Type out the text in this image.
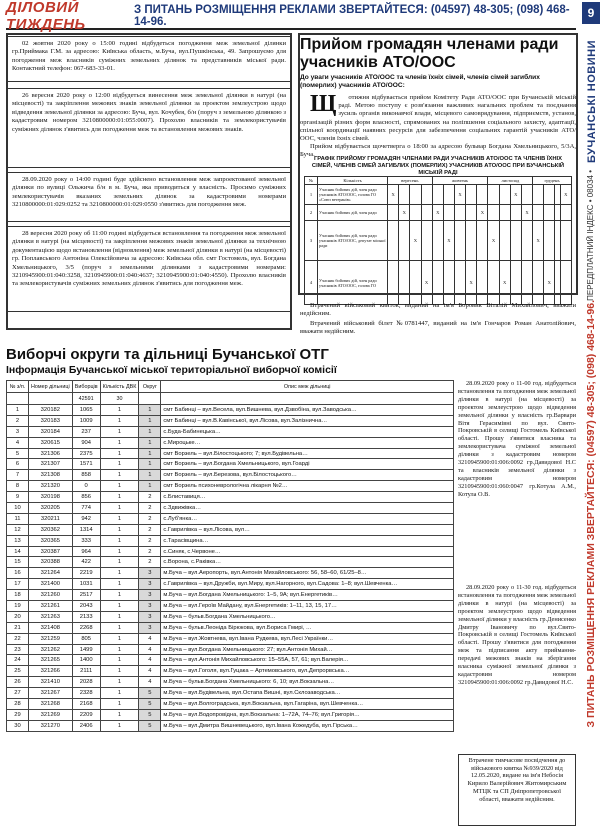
ДІЛОВИЙ ТИЖДЕНЬ
З ПИТАНЬ РОЗМІЩЕННЯ РЕКЛАМИ ЗВЕРТАЙТЕСЯ: (04597) 48-305; (098) 468-14-96.
9
БУЧАНСЬКІ НОВИНИ
ПЕРЕДПЛАТНИЙ ІНДЕКС • 08034 •
З ПИТАНЬ РОЗМІЩЕННЯ РЕКЛАМИ ЗВЕРТАЙТЕСЯ: (04597) 48-305; (098) 468-14-96.
02 жовтня 2020 року о 15:00 годині відбудеться погодження меж земельної ділянки гр.Приймака Г.М. за адресою: Київська область, м.Буча, вул.Пушкінська, 49. Запрошуємо для погодження меж власників суміжних земельних ділянок та представників міської ради. Контактний телефон: 067-683-33-01.
26 вересня 2020 року о 12:00 відбудеться винесення меж земельної ділянки в натурі (на місцевості) та закріплення межових знаків земельної ділянки за проектом землеустрою щодо відведення земельної ділянки за адресою: Буча, вул. Кочубея, б/н (поруч з земельною ділянкою з кадастровим номером 3210800000:01:055:0007). Прохолю власників та землекористувачів суміжних ділянок з'явитись для погодження меж та встановлення межових знаків.
28.09.2020 року о 14:00 годині буде здійснено встановлення меж запроектованої земельної ділянки по вулиці Ольжича б/н в м. Буча, яка приводиться у власність. Просимо суміжних землекористувачів вказаних земельних ділянок за кадастровими номерами 3210800000:01:029:0252 та 3210800000:01:029:0550 з'явитись для погодження меж.
28 вересня 2020 року об 11:00 годині відбудеться встановлення та погодження меж земельної ділянки в натурі (на місцевості) та закріплення межових знаків земельної ділянки за технічною документацією щодо встановлення (відновлення) меж земельної ділянки в натурі (на місцевості) гр. Поплавського Антоніна Олексійовича за адресою: Київська обл. смт Гостомель, вул. Богдана Хмельницького, 3/5 (поруч з земельними ділянками з кадастровими номерами: 3210945900:01:040:3258, 3210945900:01:040:4637; 3210945900:01:040:4550). Прохолю власників та землекористувачів суміжних земельних ділянок з'явитись для погодження меж.
Прийом громадян членами ради учасників АТО/ООС
До уваги учасників АТО/ООС та членів їхніх сімей, членів сімей загиблих (померлих) учасників АТО/ООС:

Щ отижня відбувається прийом Комітету Ради АТО/ООС при Бучанській міській раді. Метою поступу є розв'язання важливих нагальних проблем та поєднання зусиль органів виконавчої влади, місцевого самоврядування, підприємств, установ, організацій різних форм власності, спрямованих на поліпшення соціального захисту, адаптації, спільної координації наявних ресурсів для забезпечення соціальних гарантій учасників АТО/ООС, членів їхніх сімей.

Прийом відбувається щочетверга о 18:00 за адресою бульвар Богдана Хмельницького, 5/3А, Буча.

ГРАФІК ПРИЙОМУ ГРОМАДЯН ЧЛЕНАМИ РАДИ УЧАСНИКІВ АТО/ООС ТА ЧЛЕНІВ ЇХНІХ СІМЕЙ, ЧЛЕНІВ СІМЕЙ ЗАГИБЛИХ (ПОМЕРЛИХ) УЧАСНИКІВ АТО/ООС ПРИ БУЧАНСЬКІЙ МІСЬКІЙ РАДІ
№	Кількість	вересень				жовтень					листопад				грудень			
1	Учасник бойових дій, член ради учасників АТО/ООС, голова ГО «Союз ветеранів»	X						X					X					X
2	Учасник бойових дій, член ради		X			X				X				X				
3	Учасник бойових дій, член ради учасників АТО/ООС, депутат міської ради			X			X				X				X			
4	Учасник бойових дій, член ради учасників АТО/ООС, голова ГО				X				X			X				X		
Втрачений військовий квиток, виданий на ім'я Боровик Віталій Михайлович, вважати недійсним.
Втрачений військовий білет №0781447, виданий на ім'я Гончаров Роман Анатолійович, вважати недійсним.
Виборчі округи та дільниці Бучанської ОТГ
Інформація Бучанської міської територіальної виборчої комісії
№ з/п.	Номер дільниці	Виборців	Кількість ДВК	Округ	Опис меж дільниці
		42591	30		
1	320182	1065	1	1	смт Бабинці – вул.Весела, вул.Вишнева, вул.Дзвобіна, вул.Заводська…
2	320183	1009	1	1	смт Бабинці – вул.В.Кавінської, вул.Лісова, вул.Залізнична…
3	320184	237	1	1	с.Буда-Бабинецька…
4	320615	904	1	1	с.Мироцьке…
5	321306	2375	1	1	смт Ворзель – вул.Білостоцького; 7; вул.Будівельна…
6	321307	1571	1	1	смт Ворзель – вул.Богдана Хмельницького, вул.Гоарді
7	321308	858	1	1	смт Ворзель – вул.Березова, вул.Білостоцького…
8	321320	0	1	1	смт Ворзель психоневрологічна лікарня №2…
9	320198	856	1	2	с.Блиставиця…
10	320205	774	1	2	с.Здвижівка…
11	320211	942	1	2	с.Луб'янка…
12	320362	1314	1	2	с.Гаврилівка – вул.Лісова, вул…
13	320365	333	1	2	с.Тарасівщина…
14	320387	964	1	2	с.Синяк, с.Червоне…
15	320388	422	1	2	с.Ворона, с.Раківка…
16	321264	2219	1	3	м.Буча – вул.Аеропорть, вул.Антонія Михайловського: 56, 58–60, 61/25–8…
17	321400	1031	1	3	с.Гаврилівка – вул.Дружби, вул.Миру, вул.Нагорного, вул.Садова: 1–8; вул.Шевченка…
18	321260	2517	1	3	м.Буча – вул.Богдана Хмельницького: 1–5, 9А; вул.Енергетиків…
19	321261	2043	1	3	м.Буча – вул.Героїв Майдану, вул.Енергетиків: 1–11, 13, 15, 17…
20	321263	2133	1	3	м.Буча – бульв.Богдана Хмельницького…
21	321408	2268	1	3	м.Буча – бульв.Леоніда Бірюкова, вул.Бориса Гмирі, …
22	321259	805	1	4	м.Буча – вул.Жовтнева, вул.Івана Рудкева, вул.Лесі Українки…
23	321262	1499	1	4	м.Буча – вул.Богдана Хмельницького: 27; вул.Антонія Михай…
24	321265	1400	1	4	м.Буча – вул.Антонія Михайловського: 15–55А, 57, 61; вул.Валерія…
25	321266	2111	1	4	м.Буча – вул.Гоголя, вул.Гуцака – Артемовського, вул.Депрорвська…
26	321410	2028	1	4	м.Буча – бульв.Богдана Хмельницького: 6, 10; вул.Вокзальна…
27	321267	2328	1	5	м.Буча – вул.Будівельна, вул.Остапа Вишні, вул.Склозаводська…
28	321268	2168	1	5	м.Буча – вул.Волгоградська, вул.Вокзальна, вул.Гагаріна, вул.Шевченка…
29	321269	2209	1	5	м.Буча – вул.Водопровідна, вул.Вокзальна: 1–72А, 74–76; вул.Григорія…
30	321270	2406	1	5	м.Буча – вул.Дмитра Вишневецького, вул.Івана Кожедуба, вул.Гірська…
28.09.2020 року о 11-00 год. відбудеться встановлення та погодження меж земельної ділянки в натурі (на місцевості) за проектом землеустрою щодо відведення земельної ділянки у власність гр.Варвари Вітя Герасимівні по вул. Свято-Покровській в селищі Гостомель Київської області. Прошу з'явитися власника та землекористувача суміжної земельної ділянки з кадастровим номером 3210945900:01:006:0092 гр.Давидової Н.С та власників земельної ділянки з кадастровим номером 3210945900:01:060:0047 гр.Котула А.М., Котула О.В.
28.09.2020 року о 11-30 год. відбудеться встановлення та погодження меж земельної ділянки в натурі (на місцевості) за проектом землеустрою щодо відведення земельної ділянки у власність гр.Денисенко Дмитру Івановичу по вул.Свято-Покровській в селищі Гостомель Київської області. Прошу з'явитися для погодження меж та підписання акту приймання-передачі межових знаків на зберігання власника суміжної земельної ділянки з кадастровим номером 3210945900:01:006:0092 гр.Давидової Н.С.
Втрачене тимчасове посвідчення до військового квитка №939/2020 від 12.05.2020, видане на ім'я Небосія Кирило Валерійович Житомирським МТЦК та СП Дніпропетровської області, вважати недійсним.
